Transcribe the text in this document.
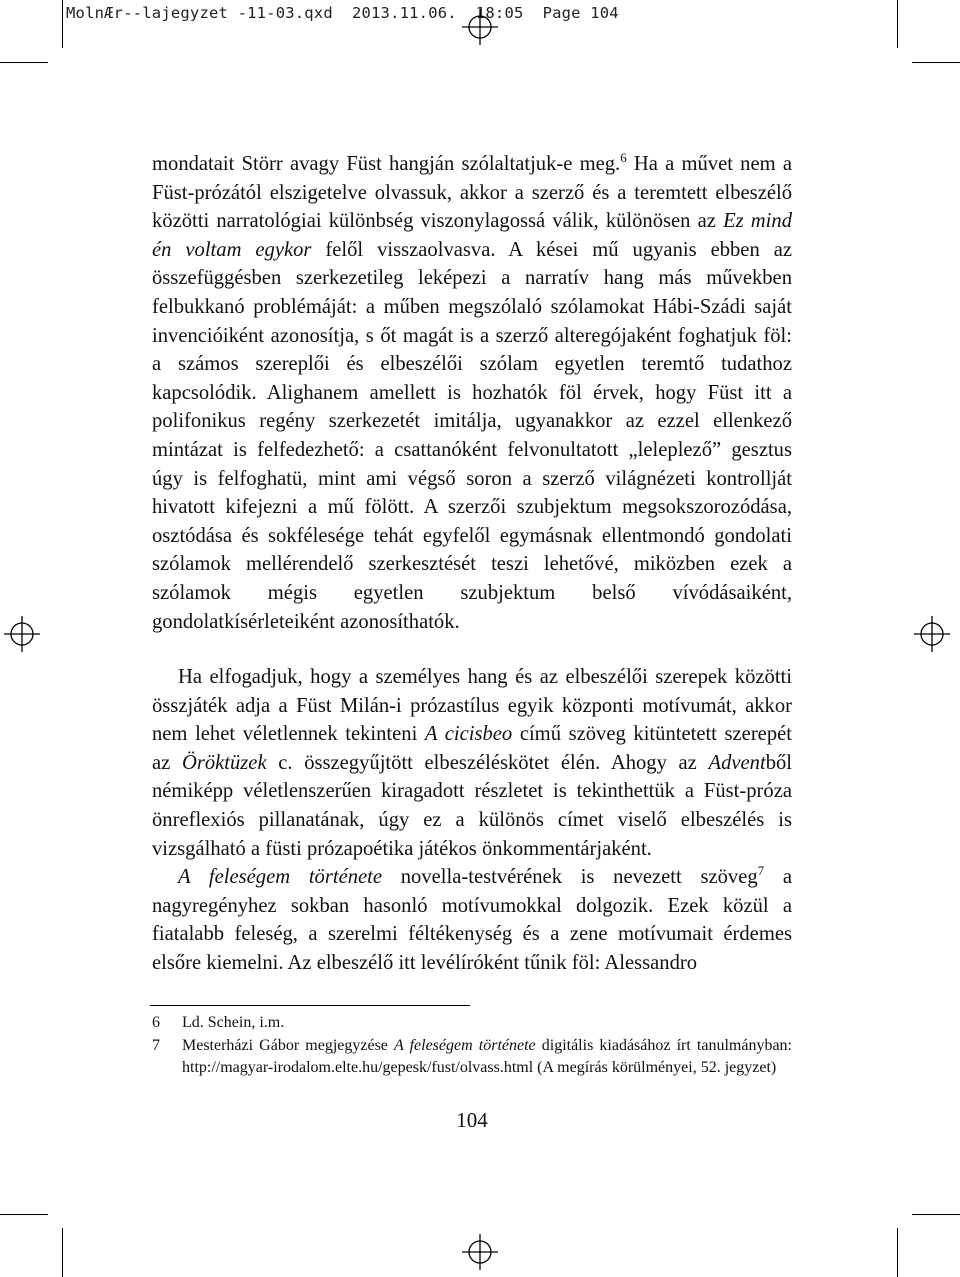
MolnÆr--lajegyzet -11-03.qxd  2013.11.06.  18:05  Page 104

mondatait Störr avagy Füst hangján szólaltatjuk-e meg.$^6$ Ha a művet nem a Füst-prózától elszigetelve olvassuk, akkor a szerző és a teremtett elbeszélő közötti narratológiai különbség viszonylagossá válik, különösen az Ez mind én voltam egykor felől visszaolvasva. A kései mű ugyanis ebben az összefüggésben szerkezetileg leképezi a narratív hang más művekben felbukkanó problémáját: a műben megszólaló szólamokat Hábi-Szádi saját invencióiként azonosítja, s őt magát is a szerző alteregójaként foghatjuk föl: a számos szereplői és elbeszélői szólam egyetlen teremtő tudathoz kapcsolódik. Alighanem amellett is hozhatók föl érvek, hogy Füst itt a polifonikus regény szerkezetét imitálja, ugyanakkor az ezzel ellenkező mintázat is felfedezhető: a csattanóként felvonultatott „leleplező” gesztus úgy is felfoghatü, mint ami végső soron a szerző világnézeti kontrollját hivatott kifejezni a mű fölött. A szerzői szubjektum megsokszorozódása, osztódása és sokfélesége tehát egyfelől egymásnak ellentmondó gondolati szólamok mellérendelő szerkesztését teszi lehetővé, miközben ezek a szólamok mégis egyetlen szubjektum belső vívódásaiként, gondolatkísérleteiként azonosíthatók.

Ha elfogadjuk, hogy a személyes hang és az elbeszélői szerepek közötti összjáték adja a Füst Milán-i prózastílus egyik központi motívumát, akkor nem lehet véletlennek tekinteni A cicisbeo című szöveg kitüntetett szerepét az Öröktüzek c. összegyűjtött elbeszéléskötet élén. Ahogy az Adventből némiképp véletlenszerűen kiragadott részletet is tekinthettük a Füst-próza önreflexiós pillanatának, úgy ez a különös címet viselő elbeszélés is vizsgálható a füsti prózapoétika játékos önkommentárjaként.

A feleségem története novella-testvérének is nevezett szöveg$^7$ a nagyregényhez sokban hasonló motívumokkal dolgozik. Ezek közül a fiatalabb feleség, a szerelmi féltékenység és a zene motívumait érdemes elsőre kiemelni. Az elbeszélő itt levélíróként tűnik föl: Alessandro

6	Ld. Schein, i.m.
7	Mesterházi Gábor megjegyzése A feleségem története digitális kiadásához írt tanulmányban: http://magyar-irodalom.elte.hu/gepesk/fust/olvass.html (A megírás körülményei, 52. jegyzet)
104
